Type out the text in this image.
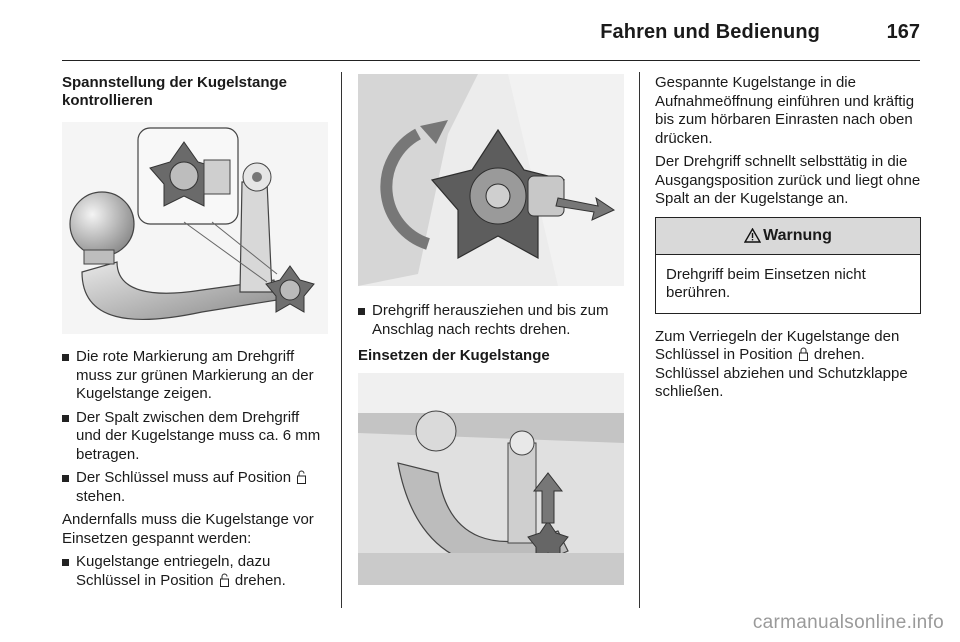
Fahren und Bedienung	167
Spannstellung der Kugelstange kontrollieren
Die rote Markierung am Drehgriff muss zur grünen Markierung an der Kugelstange zeigen.
Der Spalt zwischen dem Drehgriff und der Kugelstange muss ca. 6 mm betragen.
Der Schlüssel muss auf Position  stehen.

Andernfalls muss die Kugelstange vor Einsetzen gespannt werden:

Kugelstange entriegeln, dazu Schlüssel in Position drehen.
Drehgriff herausziehen und bis zum Anschlag nach rechts drehen.
Einsetzen der Kugelstange

Gespannte Kugelstange in die Aufnahmeöffnung einführen und kräftig bis zum hörbaren Einrasten nach oben drücken.

Der Drehgriff schnellt selbsttätig in die Ausgangsposition zurück und liegt ohne Spalt an der Kugelstange an.

Warnung
Drehgriff beim Einsetzen nicht berühren.

Zum Verriegeln der Kugelstange den Schlüssel in Position drehen. Schlüssel abziehen und Schutzklappe schließen.

carmanualsonline.info
